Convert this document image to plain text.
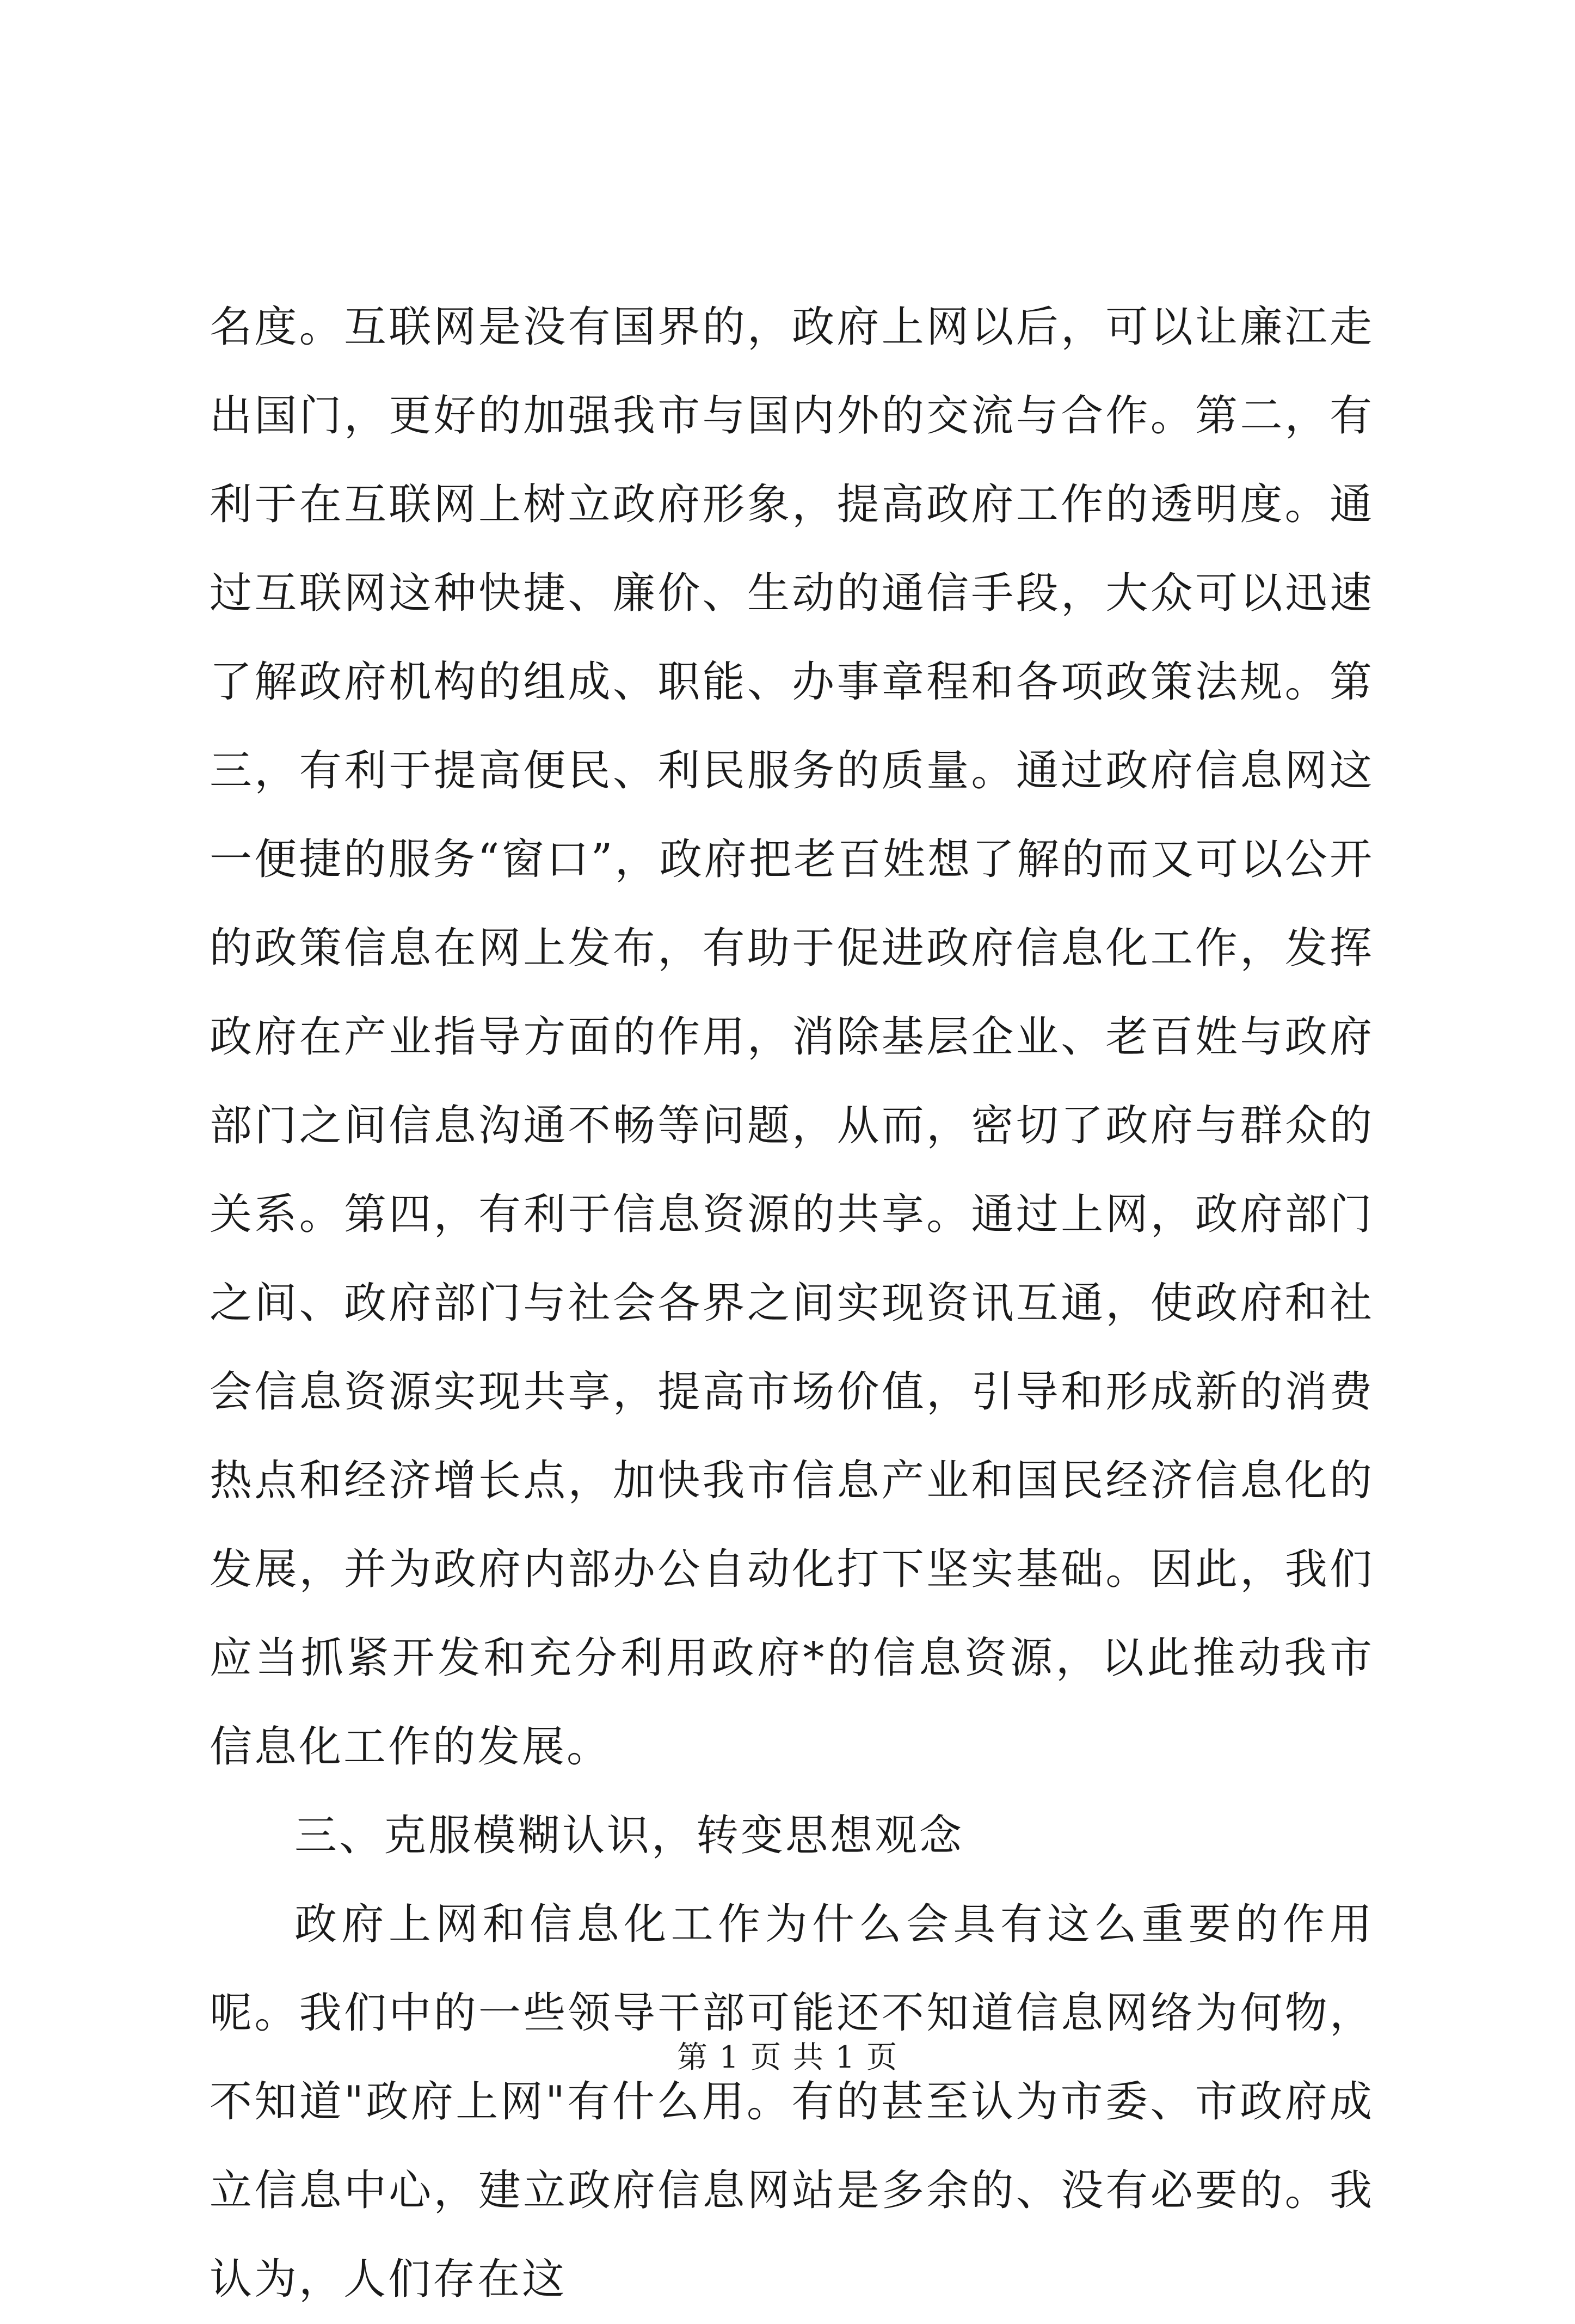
名度。互联网是没有国界的，政府上网以后，可以让廉江走出国门，更好的加强我市与国内外的交流与合作。第二，有利于在互联网上树立政府形象，提高政府工作的透明度。通过互联网这种快捷、廉价、生动的通信手段，大众可以迅速了解政府机构的组成、职能、办事章程和各项政策法规。第三，有利于提高便民、利民服务的质量。通过政府信息网这一便捷的服务“窗口”，政府把老百姓想了解的而又可以公开的政策信息在网上发布，有助于促进政府信息化工作，发挥政府在产业指导方面的作用，消除基层企业、老百姓与政府部门之间信息沟通不畅等问题，从而，密切了政府与群众的关系。第四，有利于信息资源的共享。通过上网，政府部门之间、政府部门与社会各界之间实现资讯互通，使政府和社会信息资源实现共享，提高市场价值，引导和形成新的消费热点和经济增长点，加快我市信息产业和国民经济信息化的发展，并为政府内部办公自动化打下坚实基础。因此，我们应当抓紧开发和充分利用政府*的信息资源，以此推动我市信息化工作的发展。

三、克服模糊认识，转变思想观念

政府上网和信息化工作为什么会具有这么重要的作用呢。我们中的一些领导干部可能还不知道信息网络为何物，不知道"政府上网"有什么用。有的甚至认为市委、市政府成立信息中心，建立政府信息网站是多余的、没有必要的。我认为，人们存在这

第 1 页 共 1 页
